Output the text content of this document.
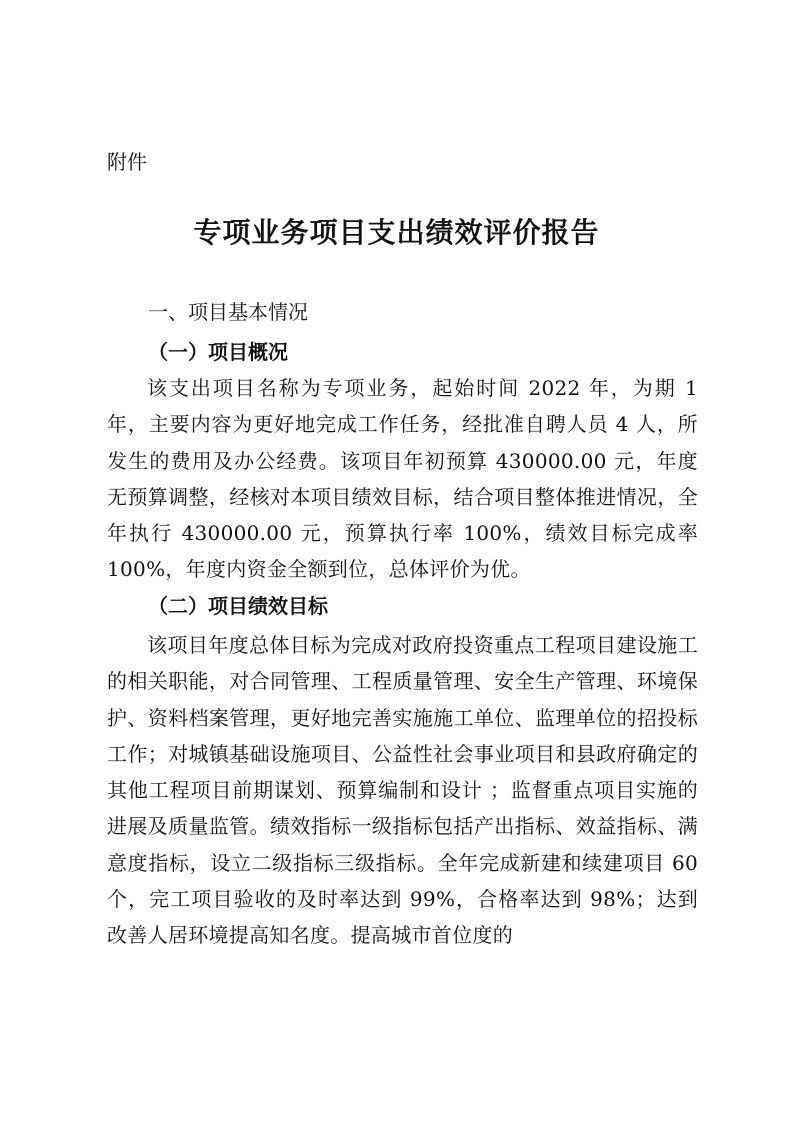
附件

专项业务项目支出绩效评价报告
一、项目基本情况
（一）项目概况

该支出项目名称为专项业务，起始时间 2022 年，为期 1 年，主要内容为更好地完成工作任务，经批准自聘人员 4 人，所发生的费用及办公经费。该项目年初预算 430000.00 元，年度无预算调整，经核对本项目绩效目标，结合项目整体推进情况，全年执行 430000.00 元，预算执行率 100%，绩效目标完成率 100%，年度内资金全额到位，总体评价为优。

（二）项目绩效目标

该项目年度总体目标为完成对政府投资重点工程项目建设施工的相关职能，对合同管理、工程质量管理、安全生产管理、环境保护、资料档案管理，更好地完善实施施工单位、监理单位的招投标工作；对城镇基础设施项目、公益性社会事业项目和县政府确定的其他工程项目前期谋划、预算编制和设计 ；监督重点项目实施的进展及质量监管。绩效指标一级指标包括产出指标、效益指标、满意度指标，设立二级指标三级指标。全年完成新建和续建项目 60 个，完工项目验收的及时率达到 99%，合格率达到 98%；达到改善人居环境提高知名度。提高城市首位度的
